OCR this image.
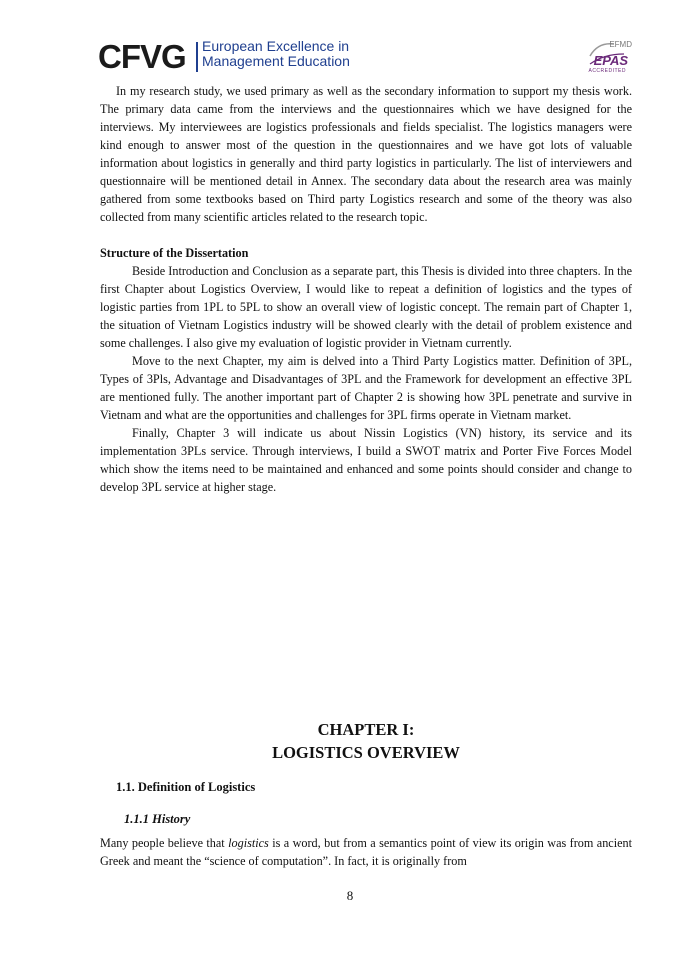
CFVG European Excellence in
Management Education
EFMD
EPAS
ACCREDITED

In my research study, we used primary as well as the secondary information to support my thesis work. The primary data came from the interviews and the questionnaires which we have designed for the interviews. My interviewees are logistics professionals and fields specialist. The logistics managers were kind enough to answer most of the question in the questionnaires and we have got lots of valuable information about logistics in generally and third party logistics in particularly. The list of interviewers and questionnaire will be mentioned detail in Annex. The secondary data about the research area was mainly gathered from some textbooks based on Third party Logistics research and some of the theory was also collected from many scientific articles related to the research topic.

Structure of the Dissertation

Beside Introduction and Conclusion as a separate part, this Thesis is divided into three chapters. In the first Chapter about Logistics Overview, I would like to repeat a definition of logistics and the types of logistic parties from 1PL to 5PL to show an overall view of logistic concept. The remain part of Chapter 1, the situation of Vietnam Logistics industry will be showed clearly with the detail of problem existence and some challenges. I also give my evaluation of logistic provider in Vietnam currently.

Move to the next Chapter, my aim is delved into a Third Party Logistics matter. Definition of 3PL, Types of 3Pls, Advantage and Disadvantages of 3PL and the Framework for development an effective 3PL are mentioned fully. The another important part of Chapter 2 is showing how 3PL penetrate and survive in Vietnam and what are the opportunities and challenges for 3PL firms operate in Vietnam market.

Finally, Chapter 3 will indicate us about Nissin Logistics (VN) history, its service and its implementation 3PLs service. Through interviews, I build a SWOT matrix and Porter Five Forces Model which show the items need to be maintained and enhanced and some points should consider and change to develop 3PL service at higher stage.

CHAPTER I:
LOGISTICS OVERVIEW
1.1. Definition of Logistics
1.1.1 History

Many people believe that logistics is a word, but from a semantics point of view its origin was from ancient Greek and meant the “science of computation”. In fact, it is originally from

8
